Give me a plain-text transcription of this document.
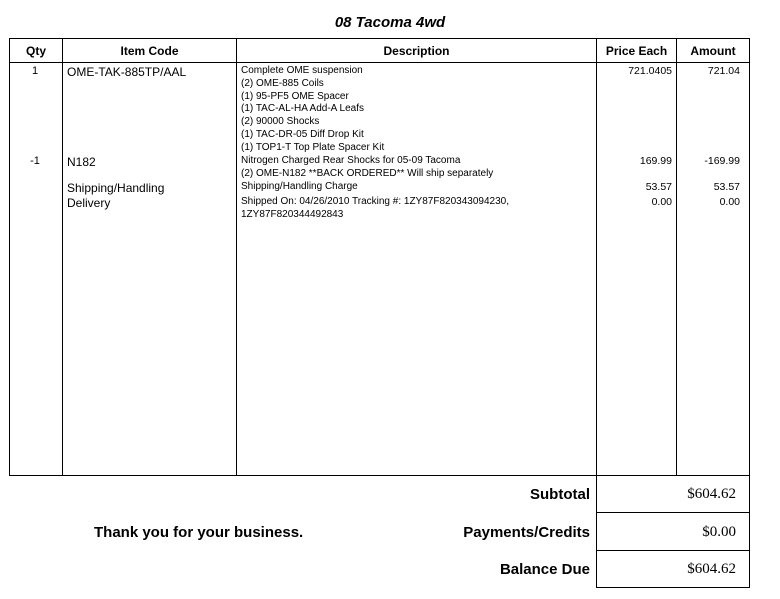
08 Tacoma 4wd
Qty	Item Code	Description	Price Each	Amount
1	OME-TAK-885TP/AAL	Complete OME suspension
(2) OME-885 Coils
(1) 95-PF5 OME Spacer
(1) TAC-AL-HA Add-A Leafs
(2) 90000 Shocks
(1) TAC-DR-05 Diff Drop Kit
(1) TOP1-T Top Plate Spacer Kit
721.0405	721.04
-1	N182	Nitrogen Charged Rear Shocks for 05-09 Tacoma
(2) OME-N182 **BACK ORDERED** Will ship separately
169.99	-169.99
Shipping/Handling	Shipping/Handling Charge	53.57	53.57
Delivery	Shipped On: 04/26/2010 Tracking #: 1ZY87F820343094230,
1ZY87F820344492843
0.00	0.00
Subtotal	$604.62
Thank you for your business.	Payments/Credits	$0.00
Balance Due	$604.62
